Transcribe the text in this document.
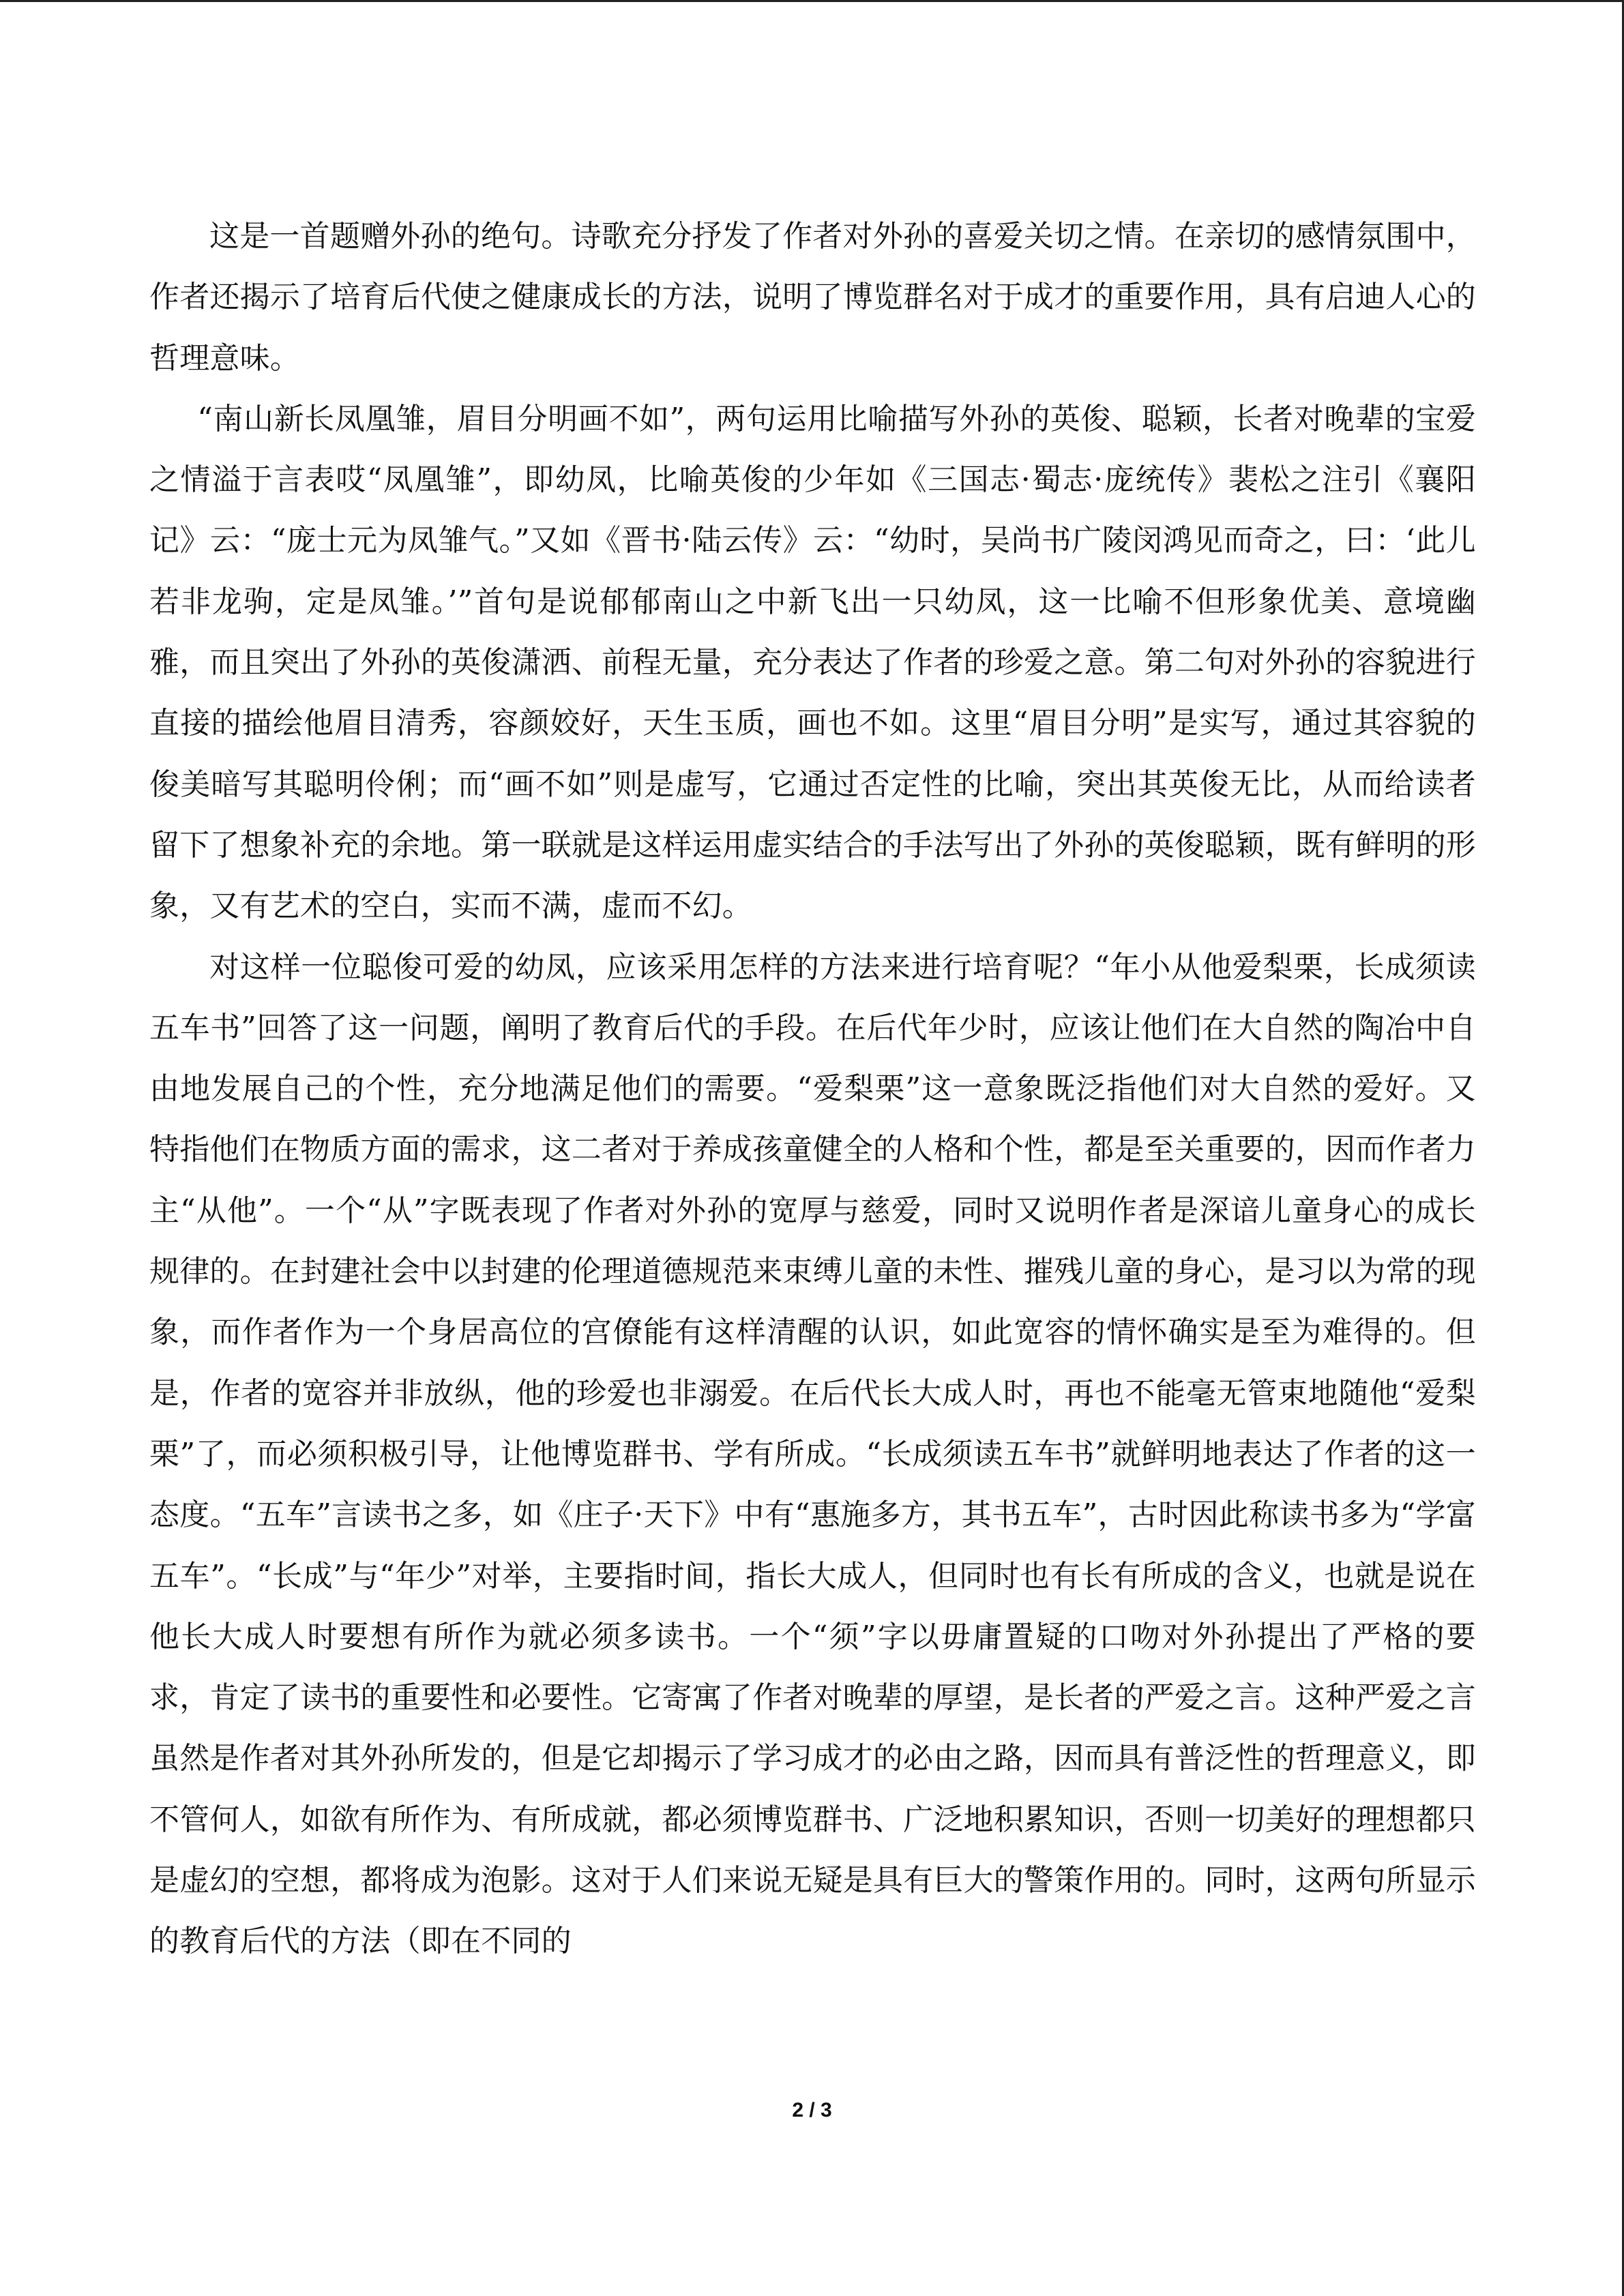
这是一首题赠外孙的绝句。诗歌充分抒发了作者对外孙的喜爱关切之情。在亲切的感情氛围中，作者还揭示了培育后代使之健康成长的方法，说明了博览群名对于成才的重要作用，具有启迪人心的哲理意味。

“南山新长凤凰雏，眉目分明画不如”，两句运用比喻描写外孙的英俊、聪颖，长者对晚辈的宝爱之情溢于言表哎“凤凰雏”，即幼凤，比喻英俊的少年如《三国志·蜀志·庞统传》裴松之注引《襄阳记》云：“庞士元为凤雏气。”又如《晋书·陆云传》云：“幼时，吴尚书广陵闵鸿见而奇之，曰：‘此儿若非龙驹，定是凤雏。’”首句是说郁郁南山之中新飞出一只幼凤，这一比喻不但形象优美、意境幽雅，而且突出了外孙的英俊潇洒、前程无量，充分表达了作者的珍爱之意。第二句对外孙的容貌进行直接的描绘他眉目清秀，容颜姣好，天生玉质，画也不如。这里“眉目分明”是实写，通过其容貌的俊美暗写其聪明伶俐；而“画不如”则是虚写，它通过否定性的比喻，突出其英俊无比，从而给读者留下了想象补充的余地。第一联就是这样运用虚实结合的手法写出了外孙的英俊聪颖，既有鲜明的形象，又有艺术的空白，实而不满，虚而不幻。

对这样一位聪俊可爱的幼凤，应该采用怎样的方法来进行培育呢？“年小从他爱梨栗，长成须读五车书”回答了这一问题，阐明了教育后代的手段。在后代年少时，应该让他们在大自然的陶冶中自由地发展自己的个性，充分地满足他们的需要。“爱梨栗”这一意象既泛指他们对大自然的爱好。又特指他们在物质方面的需求，这二者对于养成孩童健全的人格和个性，都是至关重要的，因而作者力主“从他”。一个“从”字既表现了作者对外孙的宽厚与慈爱，同时又说明作者是深谙儿童身心的成长规律的。在封建社会中以封建的伦理道德规范来束缚儿童的未性、摧残儿童的身心，是习以为常的现象，而作者作为一个身居高位的宫僚能有这样清醒的认识，如此宽容的情怀确实是至为难得的。但是，作者的宽容并非放纵，他的珍爱也非溺爱。在后代长大成人时，再也不能毫无管束地随他“爱梨栗”了，而必须积极引导，让他博览群书、学有所成。“长成须读五车书”就鲜明地表达了作者的这一态度。“五车”言读书之多，如《庄子·天下》中有“惠施多方，其书五车”，古时因此称读书多为“学富五车”。“长成”与“年少”对举，主要指时间，指长大成人，但同时也有长有所成的含义，也就是说在他长大成人时要想有所作为就必须多读书。一个“须”字以毋庸置疑的口吻对外孙提出了严格的要求，肯定了读书的重要性和必要性。它寄寓了作者对晚辈的厚望，是长者的严爱之言。这种严爱之言虽然是作者对其外孙所发的，但是它却揭示了学习成才的必由之路，因而具有普泛性的哲理意义，即不管何人，如欲有所作为、有所成就，都必须博览群书、广泛地积累知识，否则一切美好的理想都只是虚幻的空想，都将成为泡影。这对于人们来说无疑是具有巨大的警策作用的。同时，这两句所显示的教育后代的方法（即在不同的

2 / 3
